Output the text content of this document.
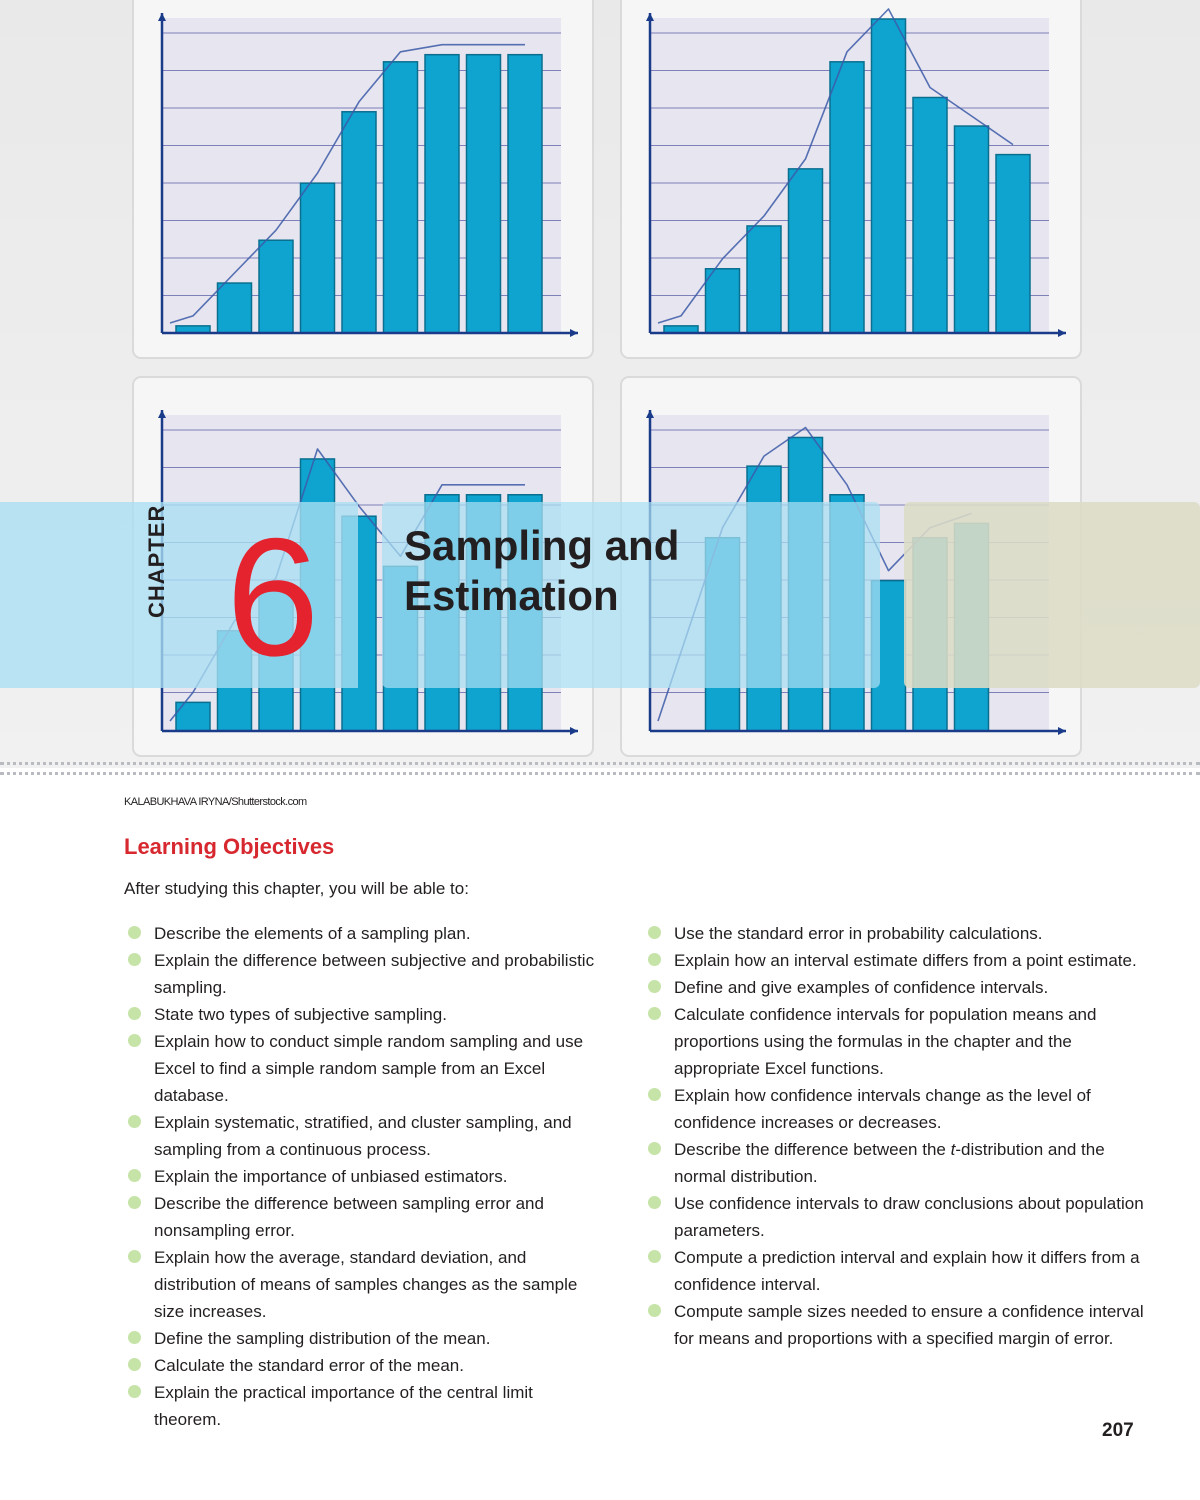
CHAPTER 6 Sampling and
Estimation
KALABUKHAVA IRYNA/Shutterstock.com
Learning Objectives

After studying this chapter, you will be able to:

Describe the elements of a sampling plan.
Explain the difference between subjective and probabilistic sampling.
State two types of subjective sampling.
Explain how to conduct simple random sampling and use Excel to find a simple random sample from an Excel database.
Explain systematic, stratified, and cluster sampling, and sampling from a continuous process.
Explain the importance of unbiased estimators.
Describe the difference between sampling error and nonsampling error.
Explain how the average, standard deviation, and distribution of means of samples changes as the sample size increases.
Define the sampling distribution of the mean.
Calculate the standard error of the mean.
Explain the practical importance of the central limit theorem.
Use the standard error in probability calculations.
Explain how an interval estimate differs from a point estimate.
Define and give examples of confidence intervals.
Calculate confidence intervals for population means and proportions using the formulas in the chapter and the appropriate Excel functions.
Explain how confidence intervals change as the level of confidence increases or decreases.
Describe the difference between the t-distribution and the normal distribution.
Use confidence intervals to draw conclusions about population parameters.
Compute a prediction interval and explain how it differs from a confidence interval.
Compute sample sizes needed to ensure a confidence interval for means and proportions with a specified margin of error.

207
